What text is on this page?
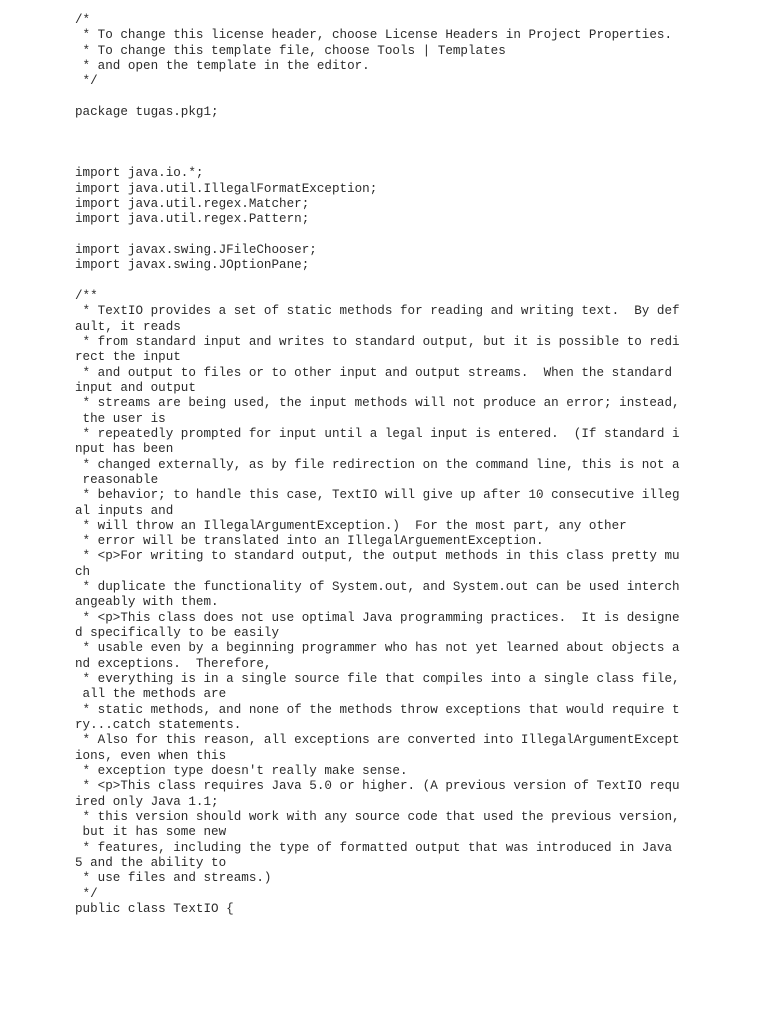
/*
* To change this license header, choose License Headers in Project Properties.
* To change this template file, choose Tools | Templates
* and open the template in the editor.
*/
package tugas.pkg1;
import java.io.*;
import java.util.IllegalFormatException;
import java.util.regex.Matcher;
import java.util.regex.Pattern;
import javax.swing.JFileChooser;
import javax.swing.JOptionPane;
/**
* TextIO provides a set of static methods for reading and writing text.  By def
ault, it reads
* from standard input and writes to standard output, but it is possible to redi
rect the input
* and output to files or to other input and output streams.  When the standard
input and output
* streams are being used, the input methods will not produce an error; instead,
the user is
* repeatedly prompted for input until a legal input is entered.  (If standard i
nput has been
* changed externally, as by file redirection on the command line, this is not a
reasonable
* behavior; to handle this case, TextIO will give up after 10 consecutive illeg
al inputs and
* will throw an IllegalArgumentException.)  For the most part, any other
* error will be translated into an IllegalArguementException.
* <p>For writing to standard output, the output methods in this class pretty mu
ch
* duplicate the functionality of System.out, and System.out can be used interch
angeably with them.
* <p>This class does not use optimal Java programming practices.  It is designe
d specifically to be easily
* usable even by a beginning programmer who has not yet learned about objects a
nd exceptions.  Therefore,
* everything is in a single source file that compiles into a single class file,
all the methods are
* static methods, and none of the methods throw exceptions that would require t
ry...catch statements.
* Also for this reason, all exceptions are converted into IllegalArgumentExcept
ions, even when this
* exception type doesn't really make sense.
* <p>This class requires Java 5.0 or higher. (A previous version of TextIO requ
ired only Java 1.1;
* this version should work with any source code that used the previous version,
but it has some new
* features, including the type of formatted output that was introduced in Java
5 and the ability to
* use files and streams.)
*/
public class TextIO {
